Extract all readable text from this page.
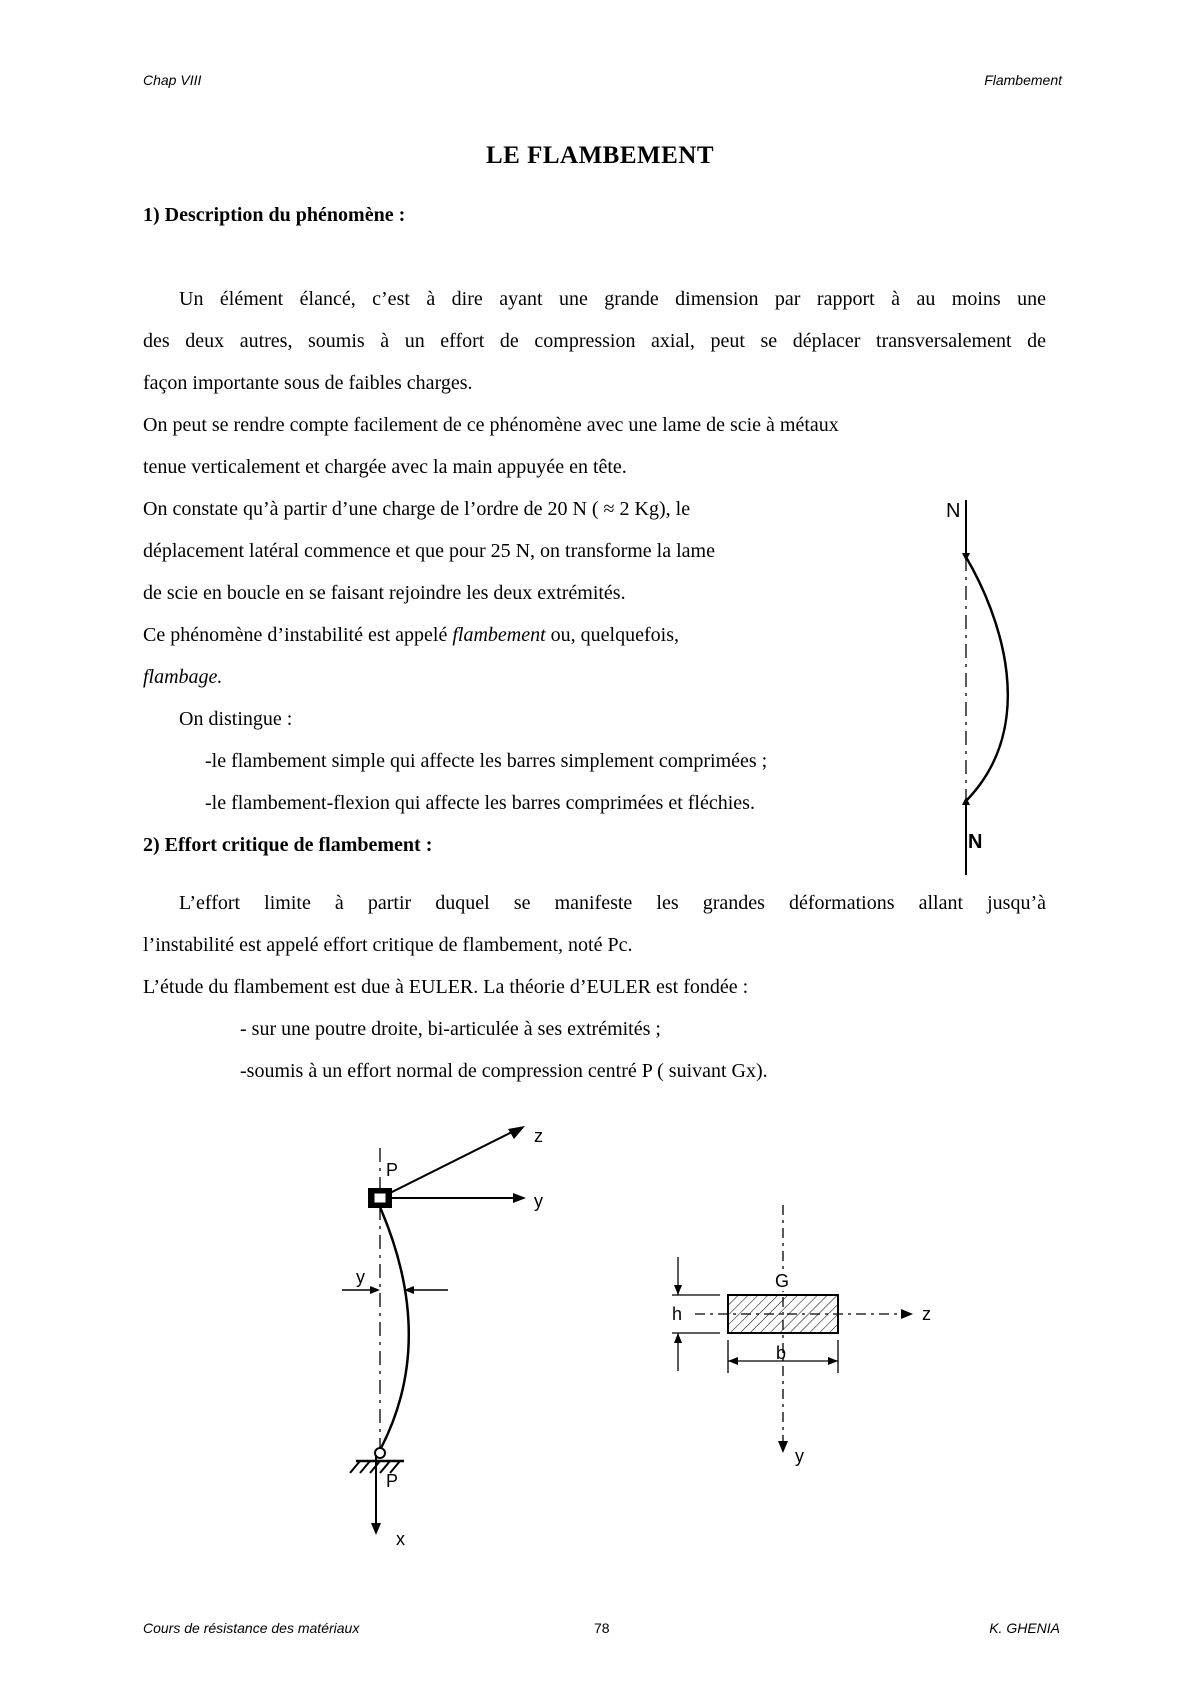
Chap VIII	Flambement
LE FLAMBEMENT
1) Description du phénomène :
Un élément élancé, c’est à dire ayant une grande dimension par rapport à au moins une
des deux autres, soumis à un effort de compression axial, peut se déplacer transversalement de
façon importante sous de faibles charges.
On peut se rendre compte facilement de ce phénomène avec une lame de scie à métaux
tenue verticalement et chargée avec la main appuyée en tête.
On constate qu’à partir d’une charge de l’ordre de 20 N ( ≈ 2 Kg), le
déplacement latéral commence et que pour 25 N, on transforme la lame
de scie en boucle en se faisant rejoindre les deux extrémités.
Ce phénomène d’instabilité est appelé flambement ou, quelquefois,
flambage.
On distingue :
-le flambement simple qui affecte les barres simplement comprimées ;
-le flambement-flexion qui affecte les barres comprimées et fléchies.
2) Effort critique de flambement :
L’effort limite à partir duquel se manifeste les grandes déformations allant jusqu’à
l’instabilité est appelé effort critique de flambement, noté Pc.
L’étude du flambement est due à EULER. La théorie d’EULER est fondée :
- sur une poutre droite, bi-articulée à ses extrémités ;
-soumis à un effort normal de compression centré P ( suivant Gx).
N
N
P
z
y
y
P
x
G
h
b
z
y
Cours de résistance des matériaux	78	K. GHENIA
